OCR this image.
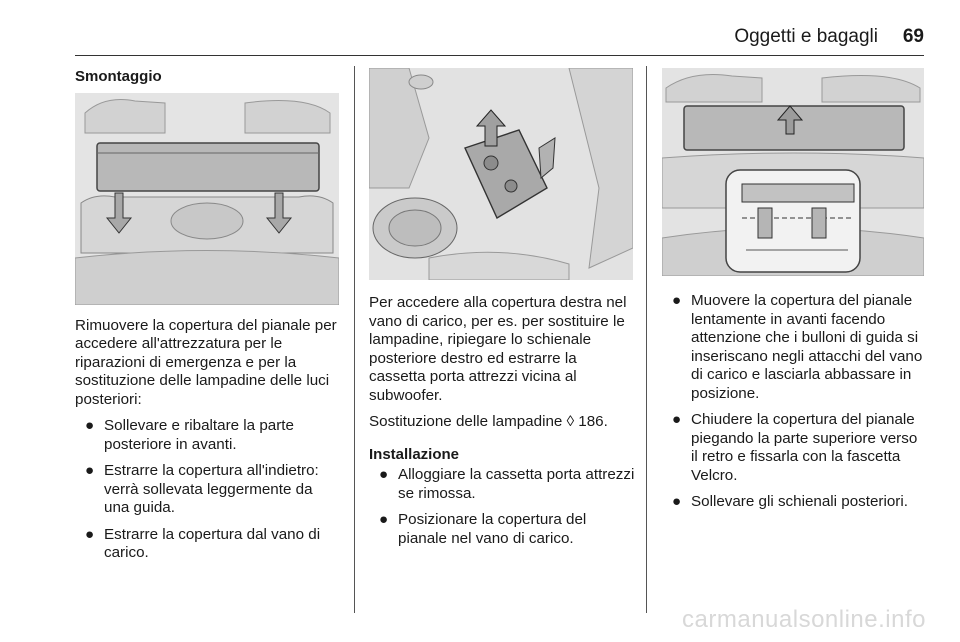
Oggetti e bagagli 69
Smontaggio

Rimuovere la copertura del pianale per accedere all'attrezzatura per le riparazioni di emergenza e per la sostituzione delle lampadine delle luci posteriori:

● Sollevare e ribaltare la parte posteriore in avanti.
● Estrarre la copertura all'indietro: verrà sollevata leggermente da una guida.
● Estrarre la copertura dal vano di carico.

Per accedere alla copertura destra nel vano di carico, per es. per sostituire le lampadine, ripiegare lo schienale posteriore destro ed estrarre la cassetta porta attrezzi vicina al subwoofer.

Sostituzione delle lampadine ◊ 186.

Installazione
● Alloggiare la cassetta porta attrezzi se rimossa.
● Posizionare la copertura del pianale nel vano di carico.
● Muovere la copertura del pianale lentamente in avanti facendo attenzione che i bulloni di guida si inseriscano negli attacchi del vano di carico e lasciarla abbassare in posizione.
● Chiudere la copertura del pianale piegando la parte superiore verso il retro e fissarla con la fascetta Velcro.
● Sollevare gli schienali posteriori.
carmanualsonline.info
